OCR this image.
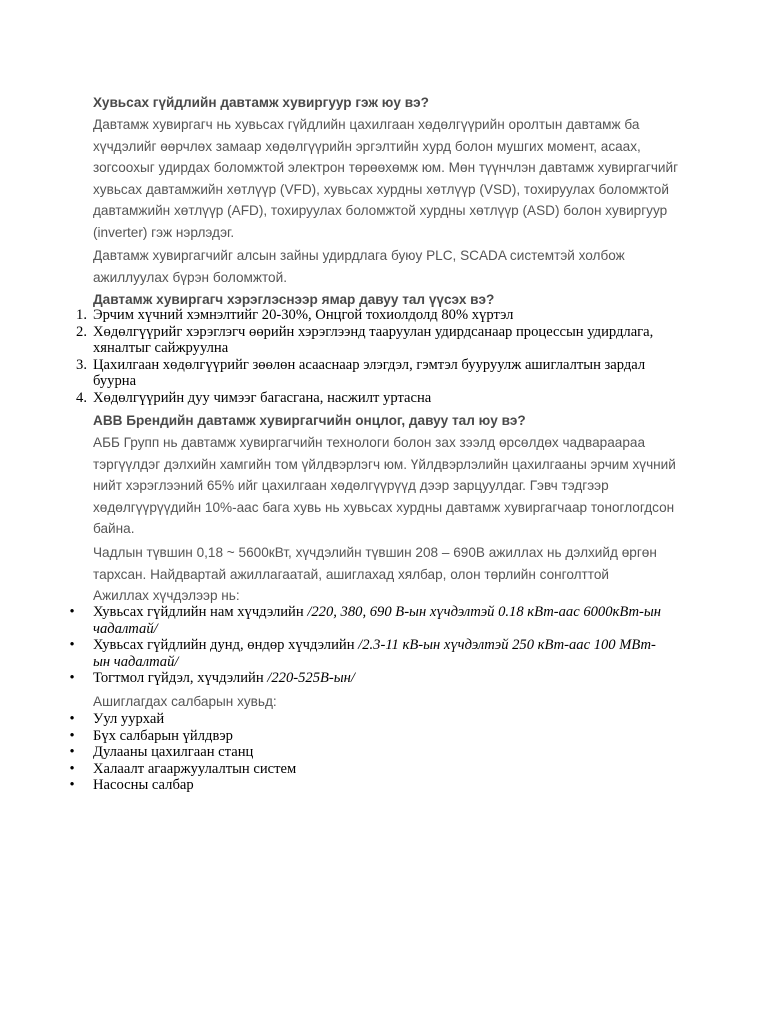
Хувьсах гүйдлийн давтамж хувиргуур гэж юу вэ?

Давтамж хувиргагч нь хувьсах гүйдлийн цахилгаан хөдөлгүүрийн оролтын давтамж ба хүчдэлийг өөрчлөх замаар хөдөлгүүрийн эргэлтийн хурд болон мушгих момент, асаах, зогсоохыг удирдах боломжтой электрон төрөөхөмж юм. Мөн түүнчлэн давтамж хувиргагчийг хувьсах давтамжийн хөтлүүр (VFD), хувьсах хурдны хөтлүүр (VSD), тохируулах боломжтой давтамжийн хөтлүүр (AFD), тохируулах боломжтой хурдны хөтлүүр (ASD) болон хувиргуур (inverter) гэж нэрлэдэг.

Давтамж хувиргагчийг алсын зайны удирдлага буюу PLC, SCADA системтэй холбож ажиллуулах бүрэн боломжтой.

Давтамж хувиргагч хэрэглэснээр ямар давуу тал үүсэх вэ?

1. Эрчим хүчний хэмнэлтийг 20-30%, Онцгой тохиолдолд 80% хүртэл
2. Хөдөлгүүрийг хэрэглэгч өөрийн хэрэглээнд тааруулан удирдсанаар процессын удирдлага, хяналтыг сайжруулна
3. Цахилгаан хөдөлгүүрийг зөөлөн асааснаар элэгдэл, гэмтэл бууруулж ашиглалтын зардал буурна
4. Хөдөлгүүрийн дуу чимээг багасгана, насжилт уртасна

ABB Брендийн давтамж хувиргагчийн онцлог, давуу тал юу вэ?

АББ Групп нь давтамж хувиргагчийн технологи болон зах зээлд өрсөлдөх чадвараараа тэргүүлдэг дэлхийн хамгийн том үйлдвэрлэгч юм. Үйлдвэрлэлийн цахилгааны эрчим хүчний нийт хэрэглээний 65% ийг цахилгаан хөдөлгүүрүүд дээр зарцуулдаг. Гэвч тэдгээр хөдөлгүүрүүдийн 10%-аас бага хувь нь хувьсах хурдны давтамж хувиргагчаар тоноглогдсон байна.

Чадлын түвшин 0,18 ~ 5600кВт, хүчдэлийн түвшин 208 – 690В ажиллах нь дэлхийд өргөн тархсан. Найдвартай ажиллагаатай, ашиглахад хялбар, олон төрлийн сонголттой

Ажиллах хүчдэлээр нь:

• Хувьсах гүйдлийн нам хүчдэлийн /220, 380, 690 В-ын хүчдэлтэй 0.18 кВт-аас 6000кВт-ын чадалтай/
• Хувьсах гүйдлийн дунд, өндөр хүчдэлийн /2.3-11 кВ-ын хүчдэлтэй 250 кВт-аас 100 МВт-ын чадалтай/
• Тогтмол гүйдэл, хүчдэлийн /220-525В-ын/

Ашиглагдах салбарын хувьд:

• Уул уурхай
• Бүх салбарын үйлдвэр
• Дулааны цахилгаан станц
• Халаалт агааржуулалтын систем
• Насосны салбар
